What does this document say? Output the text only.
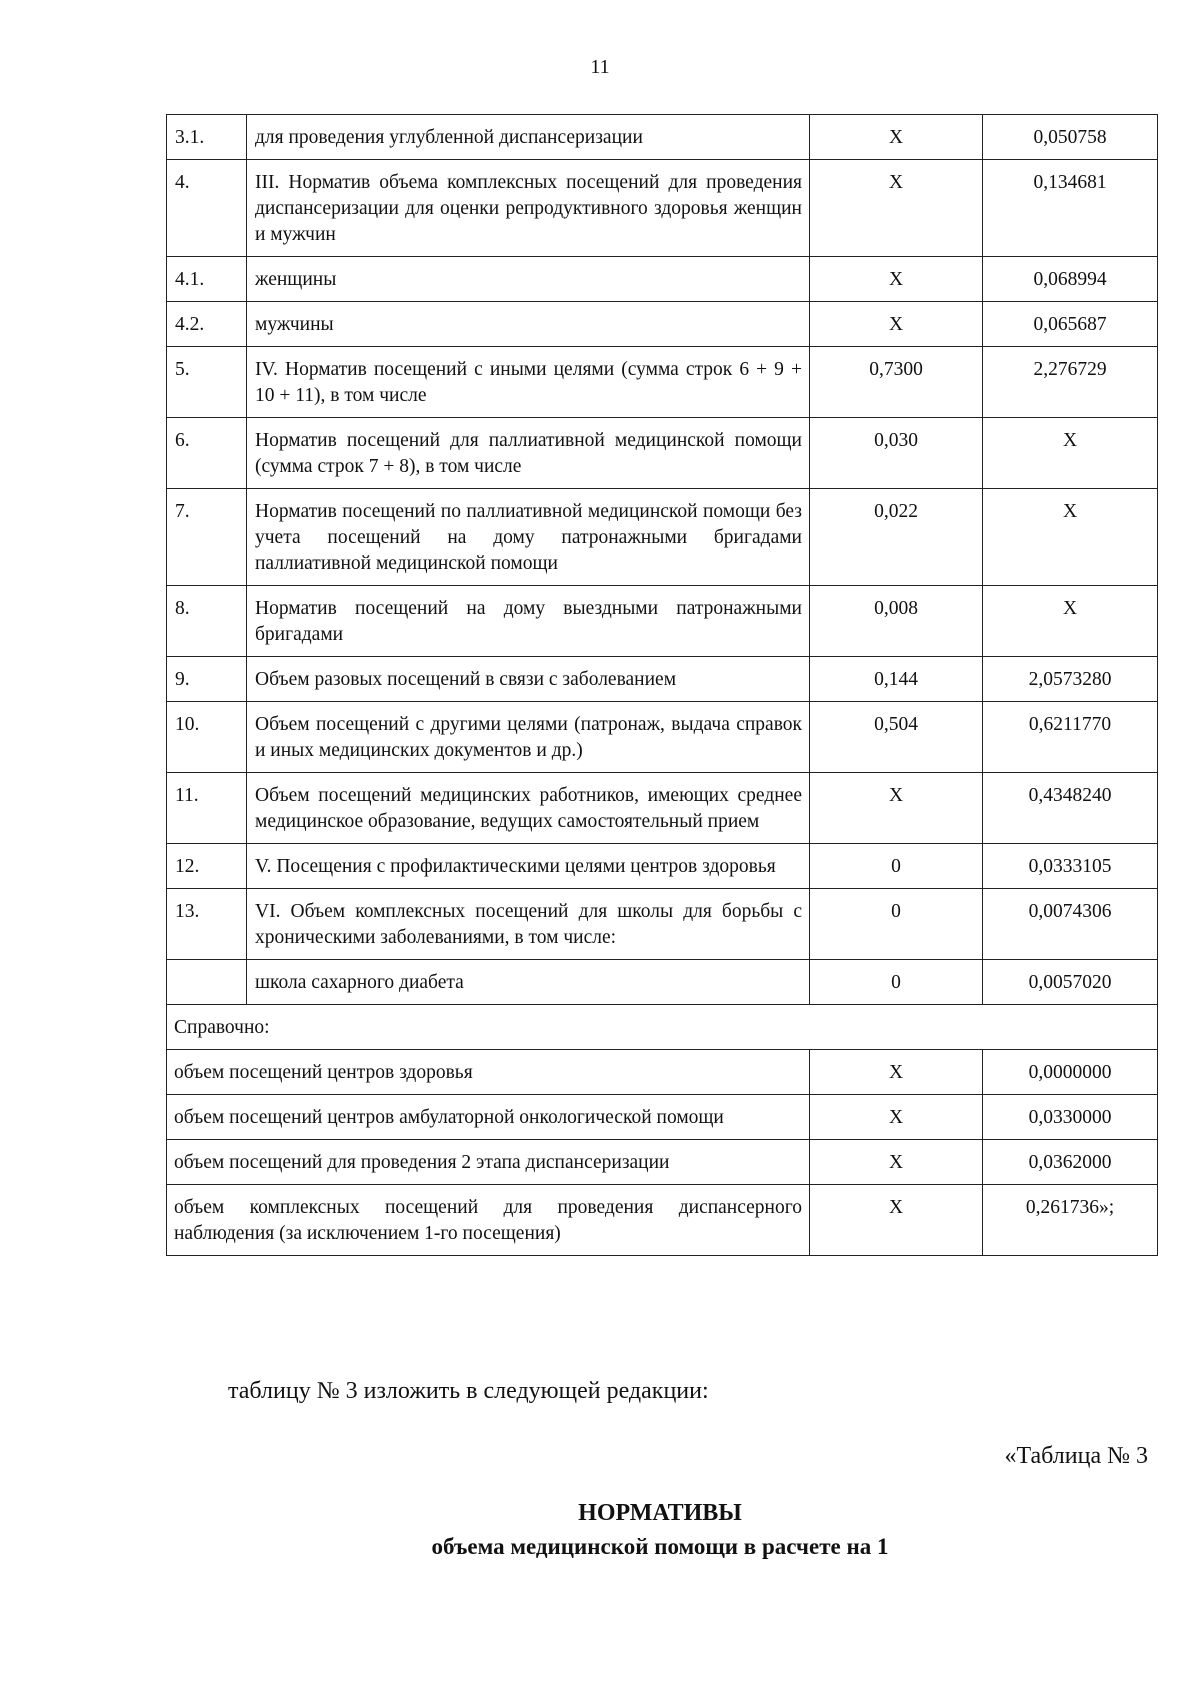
11
3.1.	для проведения углубленной диспансеризации	X	0,050758
4.	III. Норматив объема комплексных посещений для проведения диспансеризации для оценки репродуктивного здоровья женщин и мужчин	X	0,134681
4.1.	женщины	X	0,068994
4.2.	мужчины	X	0,065687
5.	IV. Норматив посещений с иными целями (сумма строк 6 + 9 + 10 + 11), в том числе	0,7300	2,276729
6.	Норматив посещений для паллиативной медицинской помощи (сумма строк 7 + 8), в том числе	0,030	X
7.	Норматив посещений по паллиативной медицинской помощи без учета посещений на дому патронажными бригадами паллиативной медицинской помощи	0,022	X
8.	Норматив посещений на дому выездными патронажными бригадами	0,008	X
9.	Объем разовых посещений в связи с заболеванием	0,144	2,0573280
10.	Объем посещений с другими целями (патронаж, выдача справок и иных медицинских документов и др.)	0,504	0,6211770
11.	Объем посещений медицинских работников, имеющих среднее медицинское образование, ведущих самостоятельный прием	X	0,4348240
12.	V. Посещения с профилактическими целями центров здоровья	0	0,0333105
13.	VI. Объем комплексных посещений для школы для борьбы с хроническими заболеваниями, в том числе:	0	0,0074306
	школа сахарного диабета	0	0,0057020
Справочно:			
объем посещений центров здоровья		X	0,0000000
объем посещений центров амбулаторной онкологической помощи		X	0,0330000
объем посещений для проведения 2 этапа диспансеризации		X	0,0362000
объем комплексных посещений для проведения диспансерного наблюдения (за исключением 1-го посещения)		X	0,261736»;
таблицу № 3 изложить в следующей редакции:
«Таблица № 3
НОРМАТИВЫ
объема медицинской помощи в расчете на 1
